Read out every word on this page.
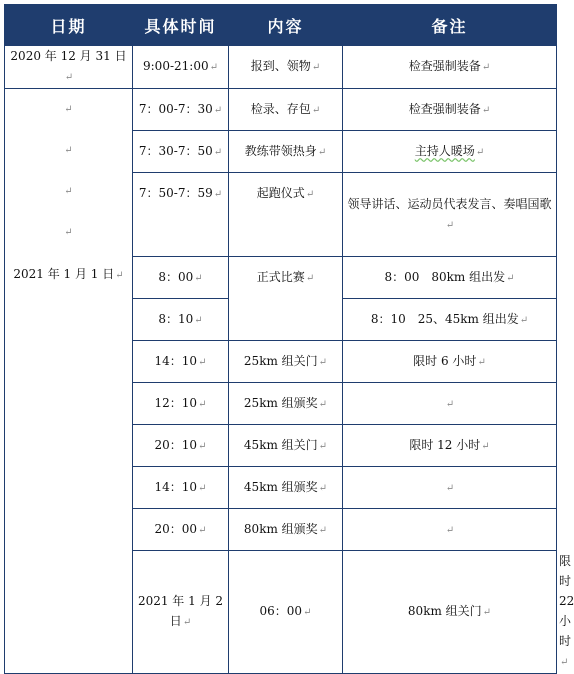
日期	具体时间	内容	备注	
2020 年 12 月 31 日↵	9:00-21:00↵	报到、领物↵	检查强制装备↵	

↵
↵
↵
↵
2021 年 1 月 1 日↵	7：00-7：30↵	检录、存包↵	检查强制装备↵	
	7：30-7：50↵	教练带领热身↵	主持人暖场↵	
	7：50-7：59↵	起跑仪式↵	领导讲话、运动员代表发言、奏唱国歌↵	
	8：00↵	正式比赛↵	8：00　80km 组出发↵	
	8：10↵		8：10　25、45km 组出发↵	
	14：10↵	25km 组关门↵	限时 6 小时↵	
	12：10↵	25km 组颁奖↵	↵	
	20：10↵	45km 组关门↵	限时 12 小时↵	
	14：10↵	45km 组颁奖↵	↵	
	20：00↵	80km 组颁奖↵	↵	
	2021 年 1 月 2 日↵	06：00↵	80km 组关门↵	限时 22 小时↵
